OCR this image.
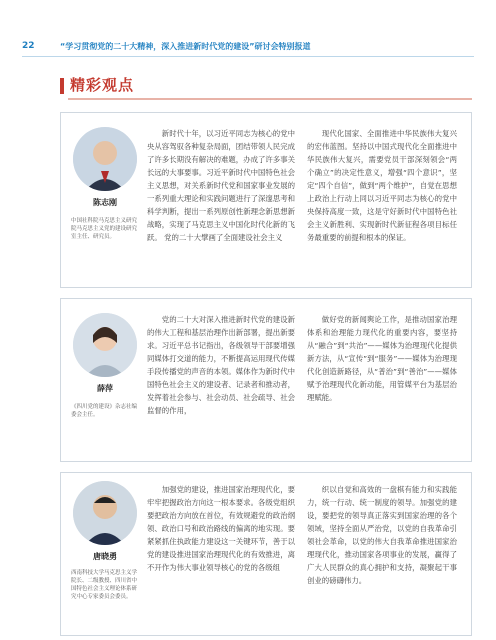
22	“学习贯彻党的二十大精神，深入推进新时代党的建设”研讨会特别报道
精彩观点
陈志刚
中国社科院马克思主义研究院马克思主义党的建设研究室主任、研究员。

新时代十年，以习近平同志为核心的党中央从容驾驭各种复杂局面，团结带领人民完成了许多长期没有解决的难题，办成了许多事关长远的大事要事。习近平新时代中国特色社会主义思想，对关系新时代党和国家事业发展的一系列重大理论和实践问题进行了深邃思考和科学判断，提出一系列原创性新理念新思想新战略，实现了马克思主义中国化时代化新的飞跃。 党的二十大擘画了全面建设社会主义

现代化国家、全面推进中华民族伟大复兴的宏伟蓝图。坚持以中国式现代化全面推进中华民族伟大复兴，需要党员干部深刻领会“两个确立”的决定性意义，增强“四个意识”，坚定“四个自信”，做到“两个维护”，自觉在思想上政治上行动上同以习近平同志为核心的党中央保持高度一致，这是守好新时代中国特色社会主义新胜利、实现新时代新征程各项目标任务最重要的前提和根本的保证。

薛萍
《四川党的建设》杂志社编委会主任。

党的二十大对深入推进新时代党的建设新的伟大工程和基层治理作出新部署，提出新要求。习近平总书记指出，各级领导干部要增强同媒体打交道的能力，不断提高运用现代传媒手段传播党的声音的本领。媒体作为新时代中国特色社会主义的建设者、记录者和推动者，发挥着社会参与、社会动员、社会疏导、社会监督的作用，

做好党的新闻舆论工作，是推动国家治理体系和治理能力现代化的重要内容，要坚持从“融合”到“共治”——媒体为治理现代化提供新方法，从“宣传”到“服务”——媒体为治理现代化创造新路径，从“普治”到“善治”——媒体赋予治理现代化新动能，用管媒平台为基层治理赋能。

唐晓勇
西南科技大学马克思主义学院长、二级教授、四川省中国特色社会主义理论体系研究中心专家委员会委员。

加强党的建设，推进国家治理现代化，要牢牢把握政治方向这一根本要求。各级党组织要把政治方向放在首位，有效规避党的政治纲领、政治口号和政治路线的偏离的地实现。要紧紧抓住执政能力建设这一关键环节，善于以党的建设推进国家治理现代化的有效推进，离不开作为伟大事业领导核心的党的各级组

织以自觉和高效的一盘棋有能力和实践能力，统一行动、统一制度的领导。加强党的建设，要把党的领导真正落实到国家治理的各个领域，坚持全面从严治党，以党的自我革命引领社会革命，以党的伟大自我革命推进国家治理现代化，推动国家各项事业的发展，赢得了广大人民群众的真心拥护和支持，凝聚起干事创业的磅礴伟力。
